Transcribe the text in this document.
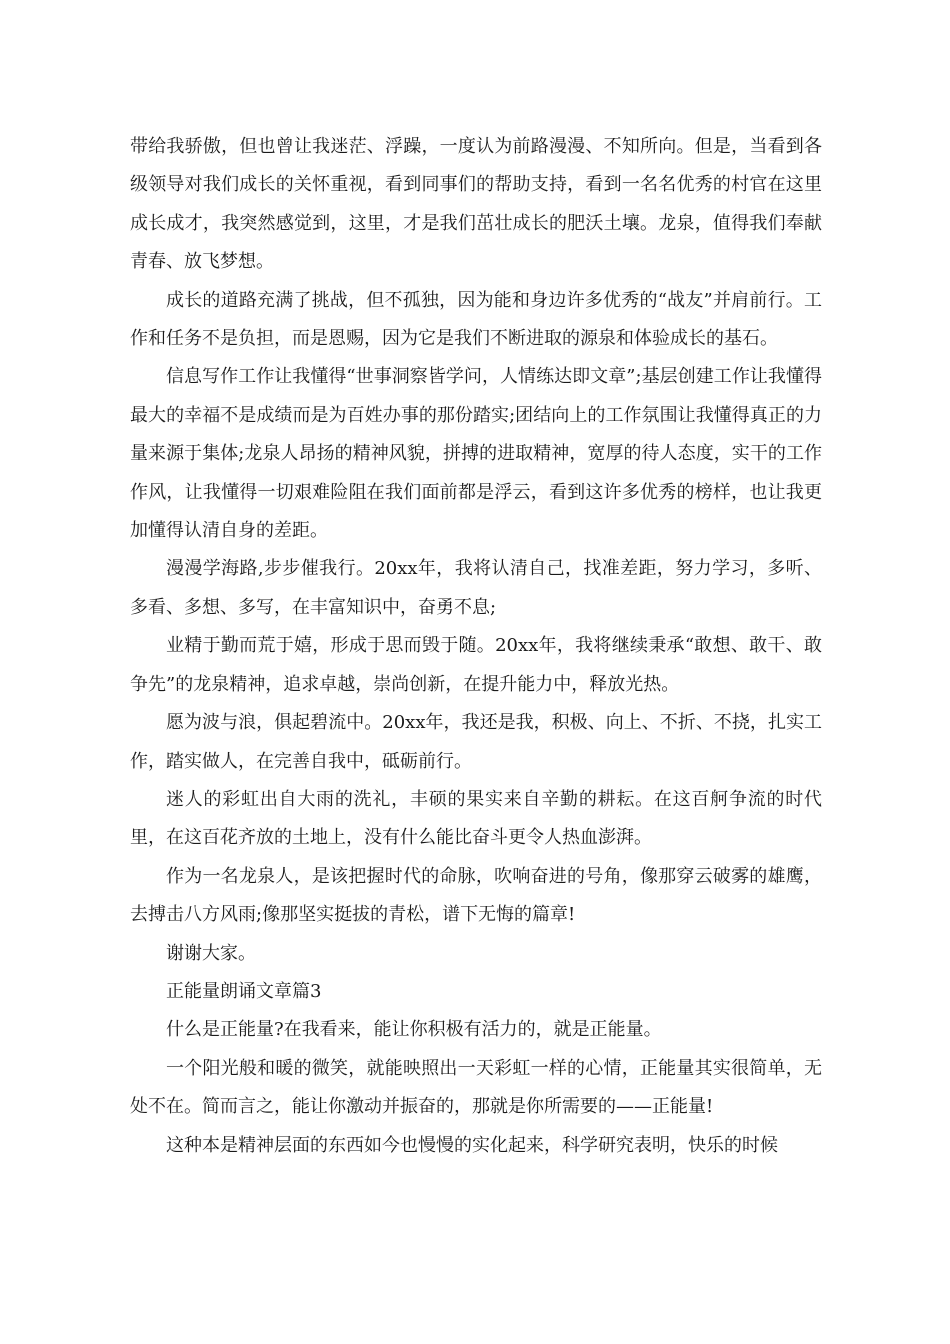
带给我骄傲，但也曾让我迷茫、浮躁，一度认为前路漫漫、不知所向。但是，当看到各级领导对我们成长的关怀重视，看到同事们的帮助支持，看到一名名优秀的村官在这里成长成才，我突然感觉到，这里，才是我们茁壮成长的肥沃土壤。龙泉，值得我们奉献青春、放飞梦想。

成长的道路充满了挑战，但不孤独，因为能和身边许多优秀的“战友”并肩前行。工作和任务不是负担，而是恩赐，因为它是我们不断进取的源泉和体验成长的基石。

信息写作工作让我懂得“世事洞察皆学问，人情练达即文章”;基层创建工作让我懂得最大的幸福不是成绩而是为百姓办事的那份踏实;团结向上的工作氛围让我懂得真正的力量来源于集体;龙泉人昂扬的精神风貌，拼搏的进取精神，宽厚的待人态度，实干的工作作风，让我懂得一切艰难险阻在我们面前都是浮云，看到这许多优秀的榜样，也让我更加懂得认清自身的差距。

漫漫学海路,步步催我行。20xx年，我将认清自己，找准差距，努力学习，多听、多看、多想、多写，在丰富知识中，奋勇不息;

业精于勤而荒于嬉，形成于思而毁于随。20xx年，我将继续秉承“敢想、敢干、敢争先”的龙泉精神，追求卓越，崇尚创新，在提升能力中，释放光热。

愿为波与浪，俱起碧流中。20xx年，我还是我，积极、向上、不折、不挠，扎实工作，踏实做人，在完善自我中，砥砺前行。

迷人的彩虹出自大雨的洗礼，丰硕的果实来自辛勤的耕耘。在这百舸争流的时代里，在这百花齐放的土地上，没有什么能比奋斗更令人热血澎湃。

作为一名龙泉人，是该把握时代的命脉，吹响奋进的号角，像那穿云破雾的雄鹰，去搏击八方风雨;像那坚实挺拔的青松，谱下无悔的篇章!

谢谢大家。

正能量朗诵文章篇3

什么是正能量?在我看来，能让你积极有活力的，就是正能量。

一个阳光般和暖的微笑，就能映照出一天彩虹一样的心情，正能量其实很简单，无处不在。简而言之，能让你激动并振奋的，那就是你所需要的——正能量!

这种本是精神层面的东西如今也慢慢的实化起来，科学研究表明，快乐的时候
